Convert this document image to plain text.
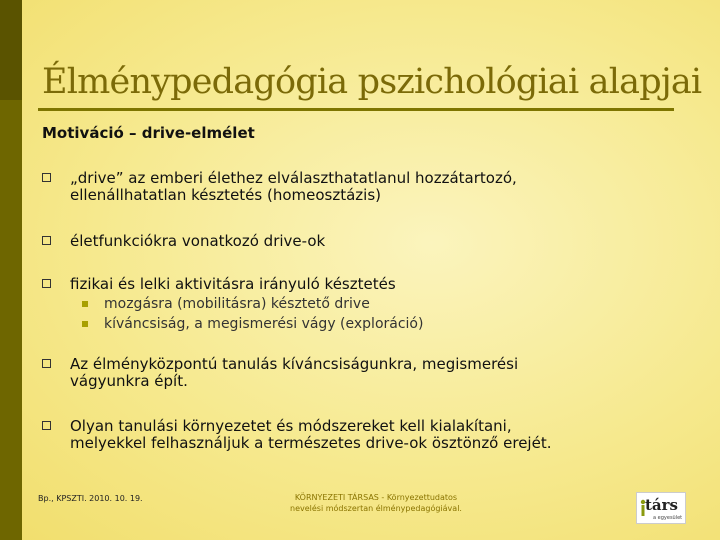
Élménypedagógia pszichológiai alapjai
Motiváció – drive-elmélet
„drive” az emberi élethez elválaszthatatlanul hozzátartozó,
ellenállhatatlan késztetés (homeosztázis)
életfunkciókra vonatkozó drive-ok
fizikai és lelki aktivitásra irányuló késztetés
mozgásra (mobilitásra) késztető drive
kíváncsiság, a megismerési vágy (exploráció)
Az élményközpontú tanulás kíváncsiságunkra, megismerési
vágyunkra épít.
Olyan tanulási környezetet és módszereket kell kialakítani,
melyekkel felhasználjuk a természetes drive-ok ösztönző erejét.
Bp., KPSZTI. 2010. 10. 19.	KÖRNYEZETI TÁRSAS - Környezettudatos
nevelési módszertan élménypedagógiával.	társ
a egyesület
